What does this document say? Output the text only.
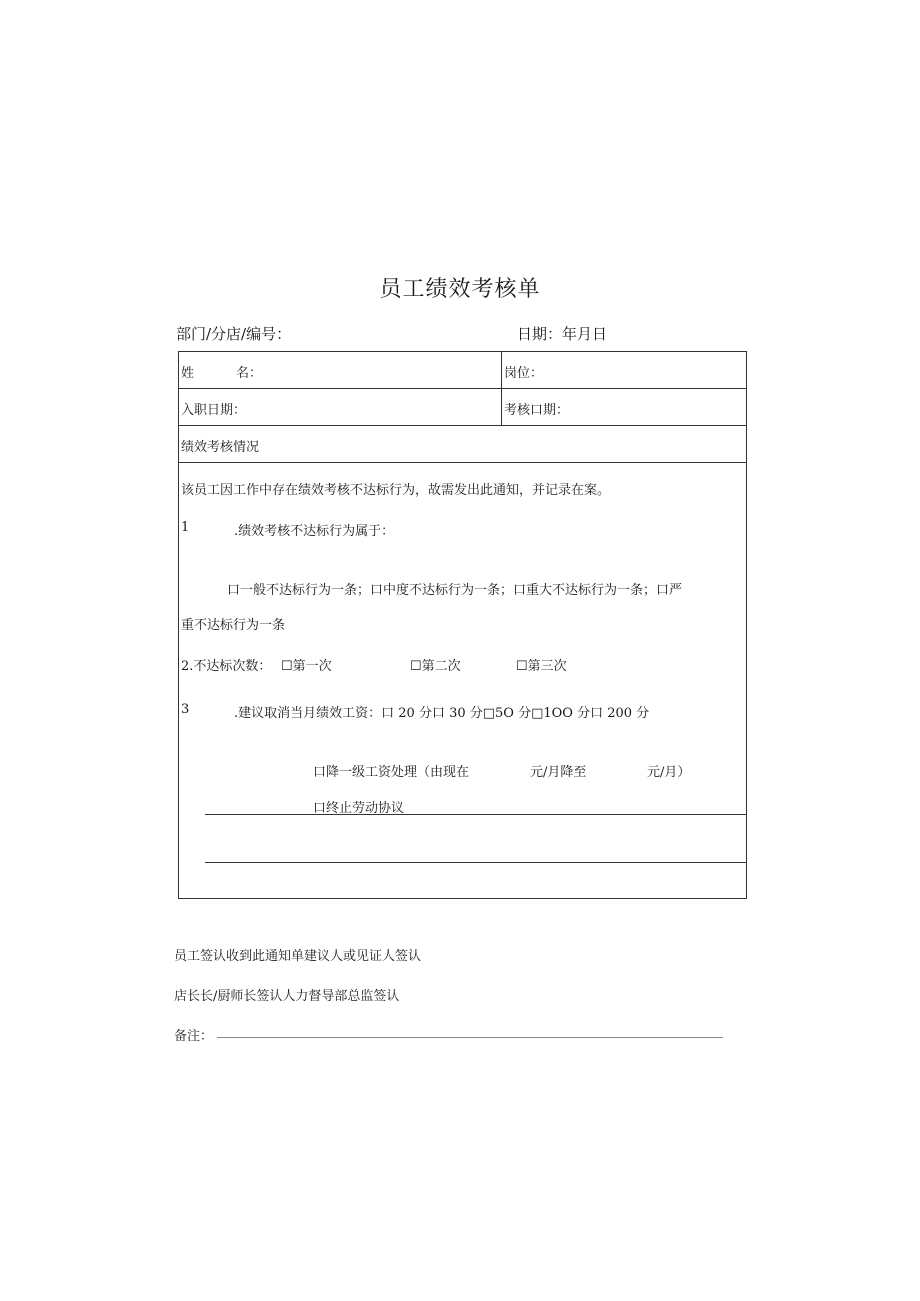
员工绩效考核单
部门/分店/编号：	日期：年月日
姓	名：	岗位：
入职日期：	考核口期：
绩效考核情况
该员工因工作中存在绩效考核不达标行为，故需发出此通知，并记录在案。
1	.绩效考核不达标行为属于：
口一般不达标行为一条；口中度不达标行为一条；口重大不达标行为一条；口严
重不达标行为一条
2.不达标次数： ☐第一次	☐第二次	☐第三次
3	.建议取消当月绩效工资：口 20 分口 30 分□5O 分□1OO 分口 200 分
口降一级工资处理（由现在	元/月降至	元/月）
口终止劳动协议
员工签认收到此通知单建议人或见证人签认
店长长/厨师长签认人力督导部总监签认
备注：
